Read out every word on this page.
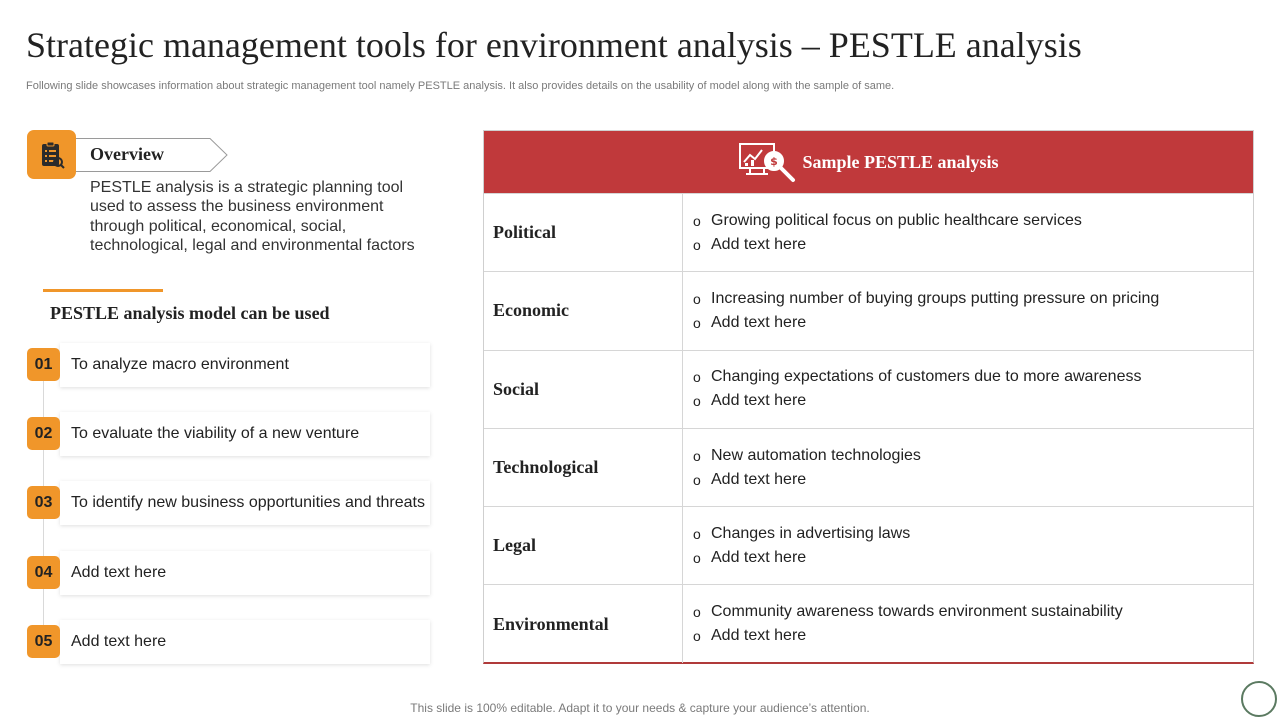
Strategic management tools for environment analysis – PESTLE analysis
Following slide showcases information about strategic management tool namely PESTLE analysis. It also provides details on the usability of model along with the sample of same.
Overview
PESTLE analysis is a strategic planning tool used to assess the business environment through political, economical, social, technological, legal and environmental factors
PESTLE analysis model can be used
01	To analyze macro environment
02	To evaluate the viability of a new venture
03	To identify new business opportunities and threats
04	Add text here
05	Add text here
$ Sample PESTLE analysis
Political
o Growing political focus on public healthcare services
o Add text here
Economic
o Increasing number of buying groups putting pressure on pricing
o Add text here
Social
o Changing expectations of customers due to more awareness
o Add text here
Technological
o New automation technologies
o Add text here
Legal
o Changes in advertising laws
o Add text here
Environmental
o Community awareness towards environment sustainability
o Add text here
This slide is 100% editable. Adapt it to your needs & capture your audience’s attention.
